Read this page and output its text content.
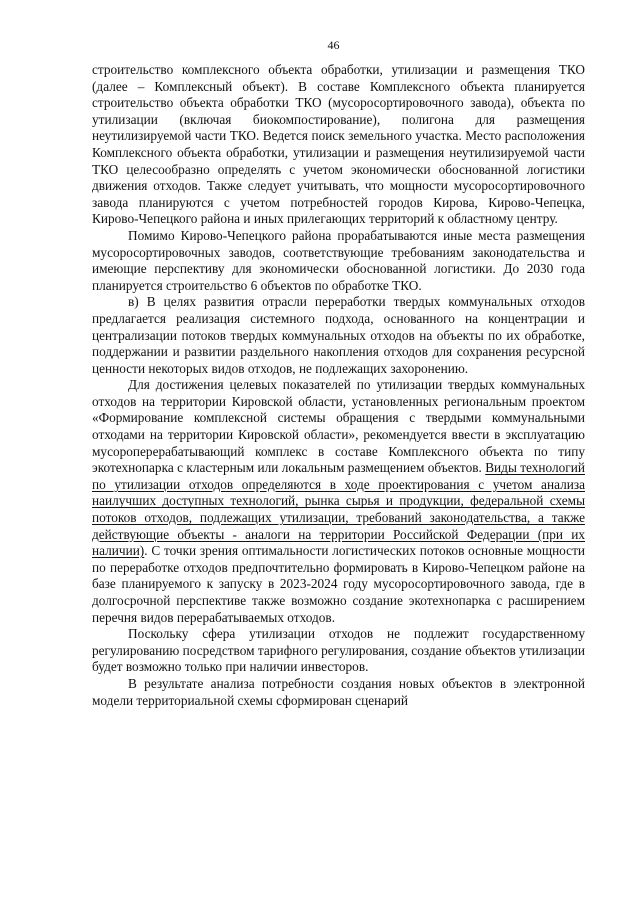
46

строительство комплексного объекта обработки, утилизации и размещения ТКО (далее – Комплексный объект). В составе Комплексного объекта планируется строительство объекта обработки ТКО (мусоросортировочного завода), объекта по утилизации (включая биокомпостирование), полигона для размещения неутилизируемой части ТКО. Ведется поиск земельного участка. Место расположения Комплексного объекта обработки, утилизации и размещения неутилизируемой части ТКО целесообразно определять с учетом экономически обоснованной логистики движения отходов. Также следует учитывать, что мощности мусоросортировочного завода планируются с учетом потребностей городов Кирова, Кирово-Чепецка, Кирово-Чепецкого района и иных прилегающих территорий к областному центру.

Помимо Кирово-Чепецкого района прорабатываются иные места размещения мусоросортировочных заводов, соответствующие требованиям законодательства и имеющие перспективу для экономически обоснованной логистики. До 2030 года планируется строительство 6 объектов по обработке ТКО.

в) В целях развития отрасли переработки твердых коммунальных отходов предлагается реализация системного подхода, основанного на концентрации и централизации потоков твердых коммунальных отходов на объекты по их обработке, поддержании и развитии раздельного накопления отходов для сохранения ресурсной ценности некоторых видов отходов, не подлежащих захоронению.

Для достижения целевых показателей по утилизации твердых коммунальных отходов на территории Кировской области, установленных региональным проектом «Формирование комплексной системы обращения с твердыми коммунальными отходами на территории Кировской области», рекомендуется ввести в эксплуатацию мусороперерабатывающий комплекс в составе Комплексного объекта по типу экотехнопарка с кластерным или локальным размещением объектов. Виды технологий по утилизации отходов определяются в ходе проектирования с учетом анализа наилучших доступных технологий, рынка сырья и продукции, федеральной схемы потоков отходов, подлежащих утилизации, требований законодательства, а также действующие объекты - аналоги на территории Российской Федерации (при их наличии). С точки зрения оптимальности логистических потоков основные мощности по переработке отходов предпочтительно формировать в Кирово-Чепецком районе на базе планируемого к запуску в 2023-2024 году мусоросортировочного завода, где в долгосрочной перспективе также возможно создание экотехнопарка с расширением перечня видов перерабатываемых отходов.

Поскольку сфера утилизации отходов не подлежит государственному регулированию посредством тарифного регулирования, создание объектов утилизации будет возможно только при наличии инвесторов.

В результате анализа потребности создания новых объектов в электронной модели территориальной схемы сформирован сценарий
